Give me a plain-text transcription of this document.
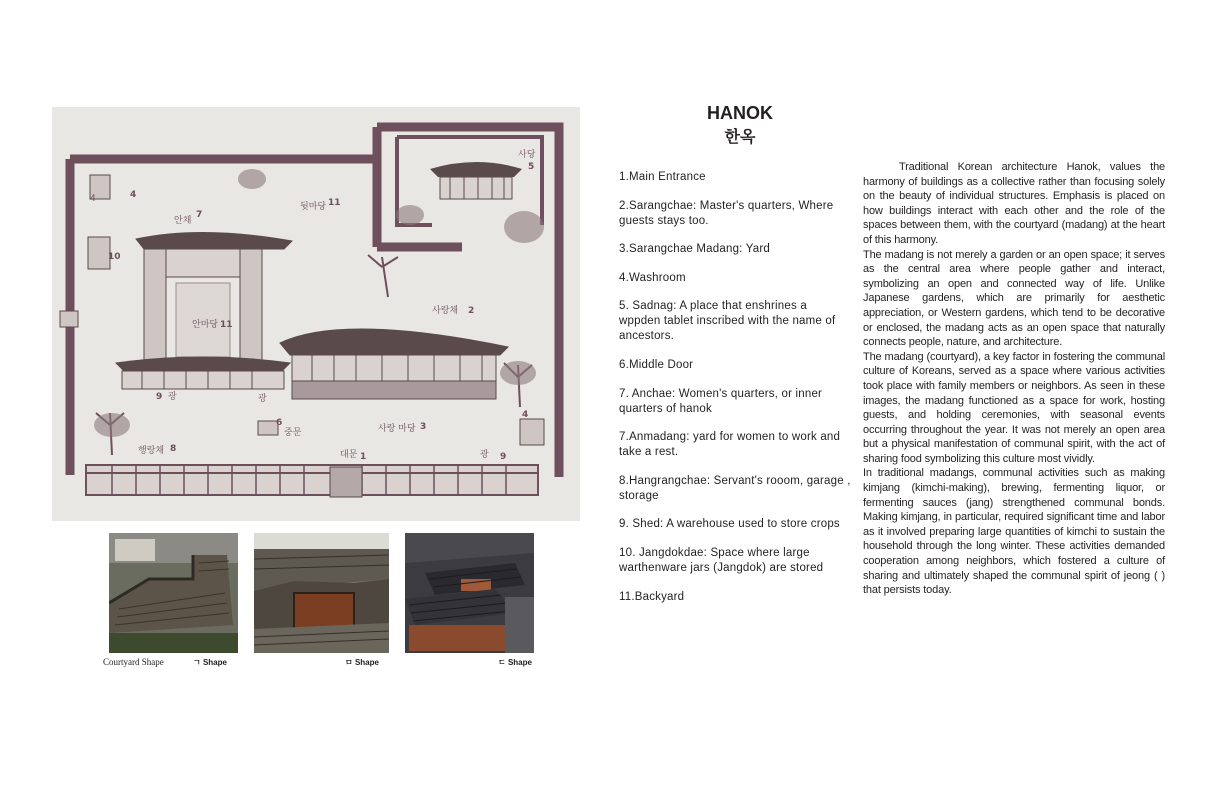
사당
5
안채
7
뒷마당 11
4	4
10
안마당 11
사랑채 2
9 광	광
6
중문	사랑 마당 3
4
행랑채 8
대문 1	광 9
Courtyard Shape	ㄱ Shape	ㅁ Shape	ㄷ Shape
HANOK
한옥
1.Main Entrance
2.Sarangchae: Master's quarters, Where guests stays too.
3.Sarangchae Madang: Yard
4.Washroom
5. Sadnag: A place that enshrines a wppden tablet inscribed with the name of ancestors.
6.Middle Door
7. Anchae: Women's quarters, or inner quarters of hanok
7.Anmadang: yard for women to work and take a rest.
8.Hangrangchae: Servant's rooom, garage , storage
9. Shed: A warehouse used to store crops
10. Jangdokdae: Space where large warthenware jars (Jangdok) are stored
11.Backyard

Traditional Korean architecture Hanok, values the harmony of buildings as a collective rather than focusing solely on the beauty of individual structures. Emphasis is placed on how buildings interact with each other and the role of the spaces between them, with the courtyard (madang) at the heart of this harmony.

The madang is not merely a garden or an open space; it serves as the central area where people gather and interact, symbolizing an open and connected way of life. Unlike Japanese gardens, which are primarily for aesthetic appreciation, or Western gardens, which tend to be decorative or enclosed, the madang acts as an open space that naturally connects people, nature, and architecture.

The madang (courtyard), a key factor in fostering the communal culture of Koreans, served as a space where various activities took place with family members or neighbors. As seen in these images, the madang functioned as a space for work, hosting guests, and holding ceremonies, with seasonal events occurring throughout the year. It was not merely an open area but a physical manifestation of communal spirit, with the act of sharing food symbolizing this culture most vividly.

In traditional madangs, communal activities such as making kimjang (kimchi-making), brewing, fermenting liquor, or fermenting sauces (jang) strengthened communal bonds. Making kimjang, in particular, required significant time and labor as it involved preparing large quantities of kimchi to sustain the household through the long winter. These activities demanded cooperation among neighbors, which fostered a culture of sharing and ultimately shaped the communal spirit of jeong ( ) that persists today.
